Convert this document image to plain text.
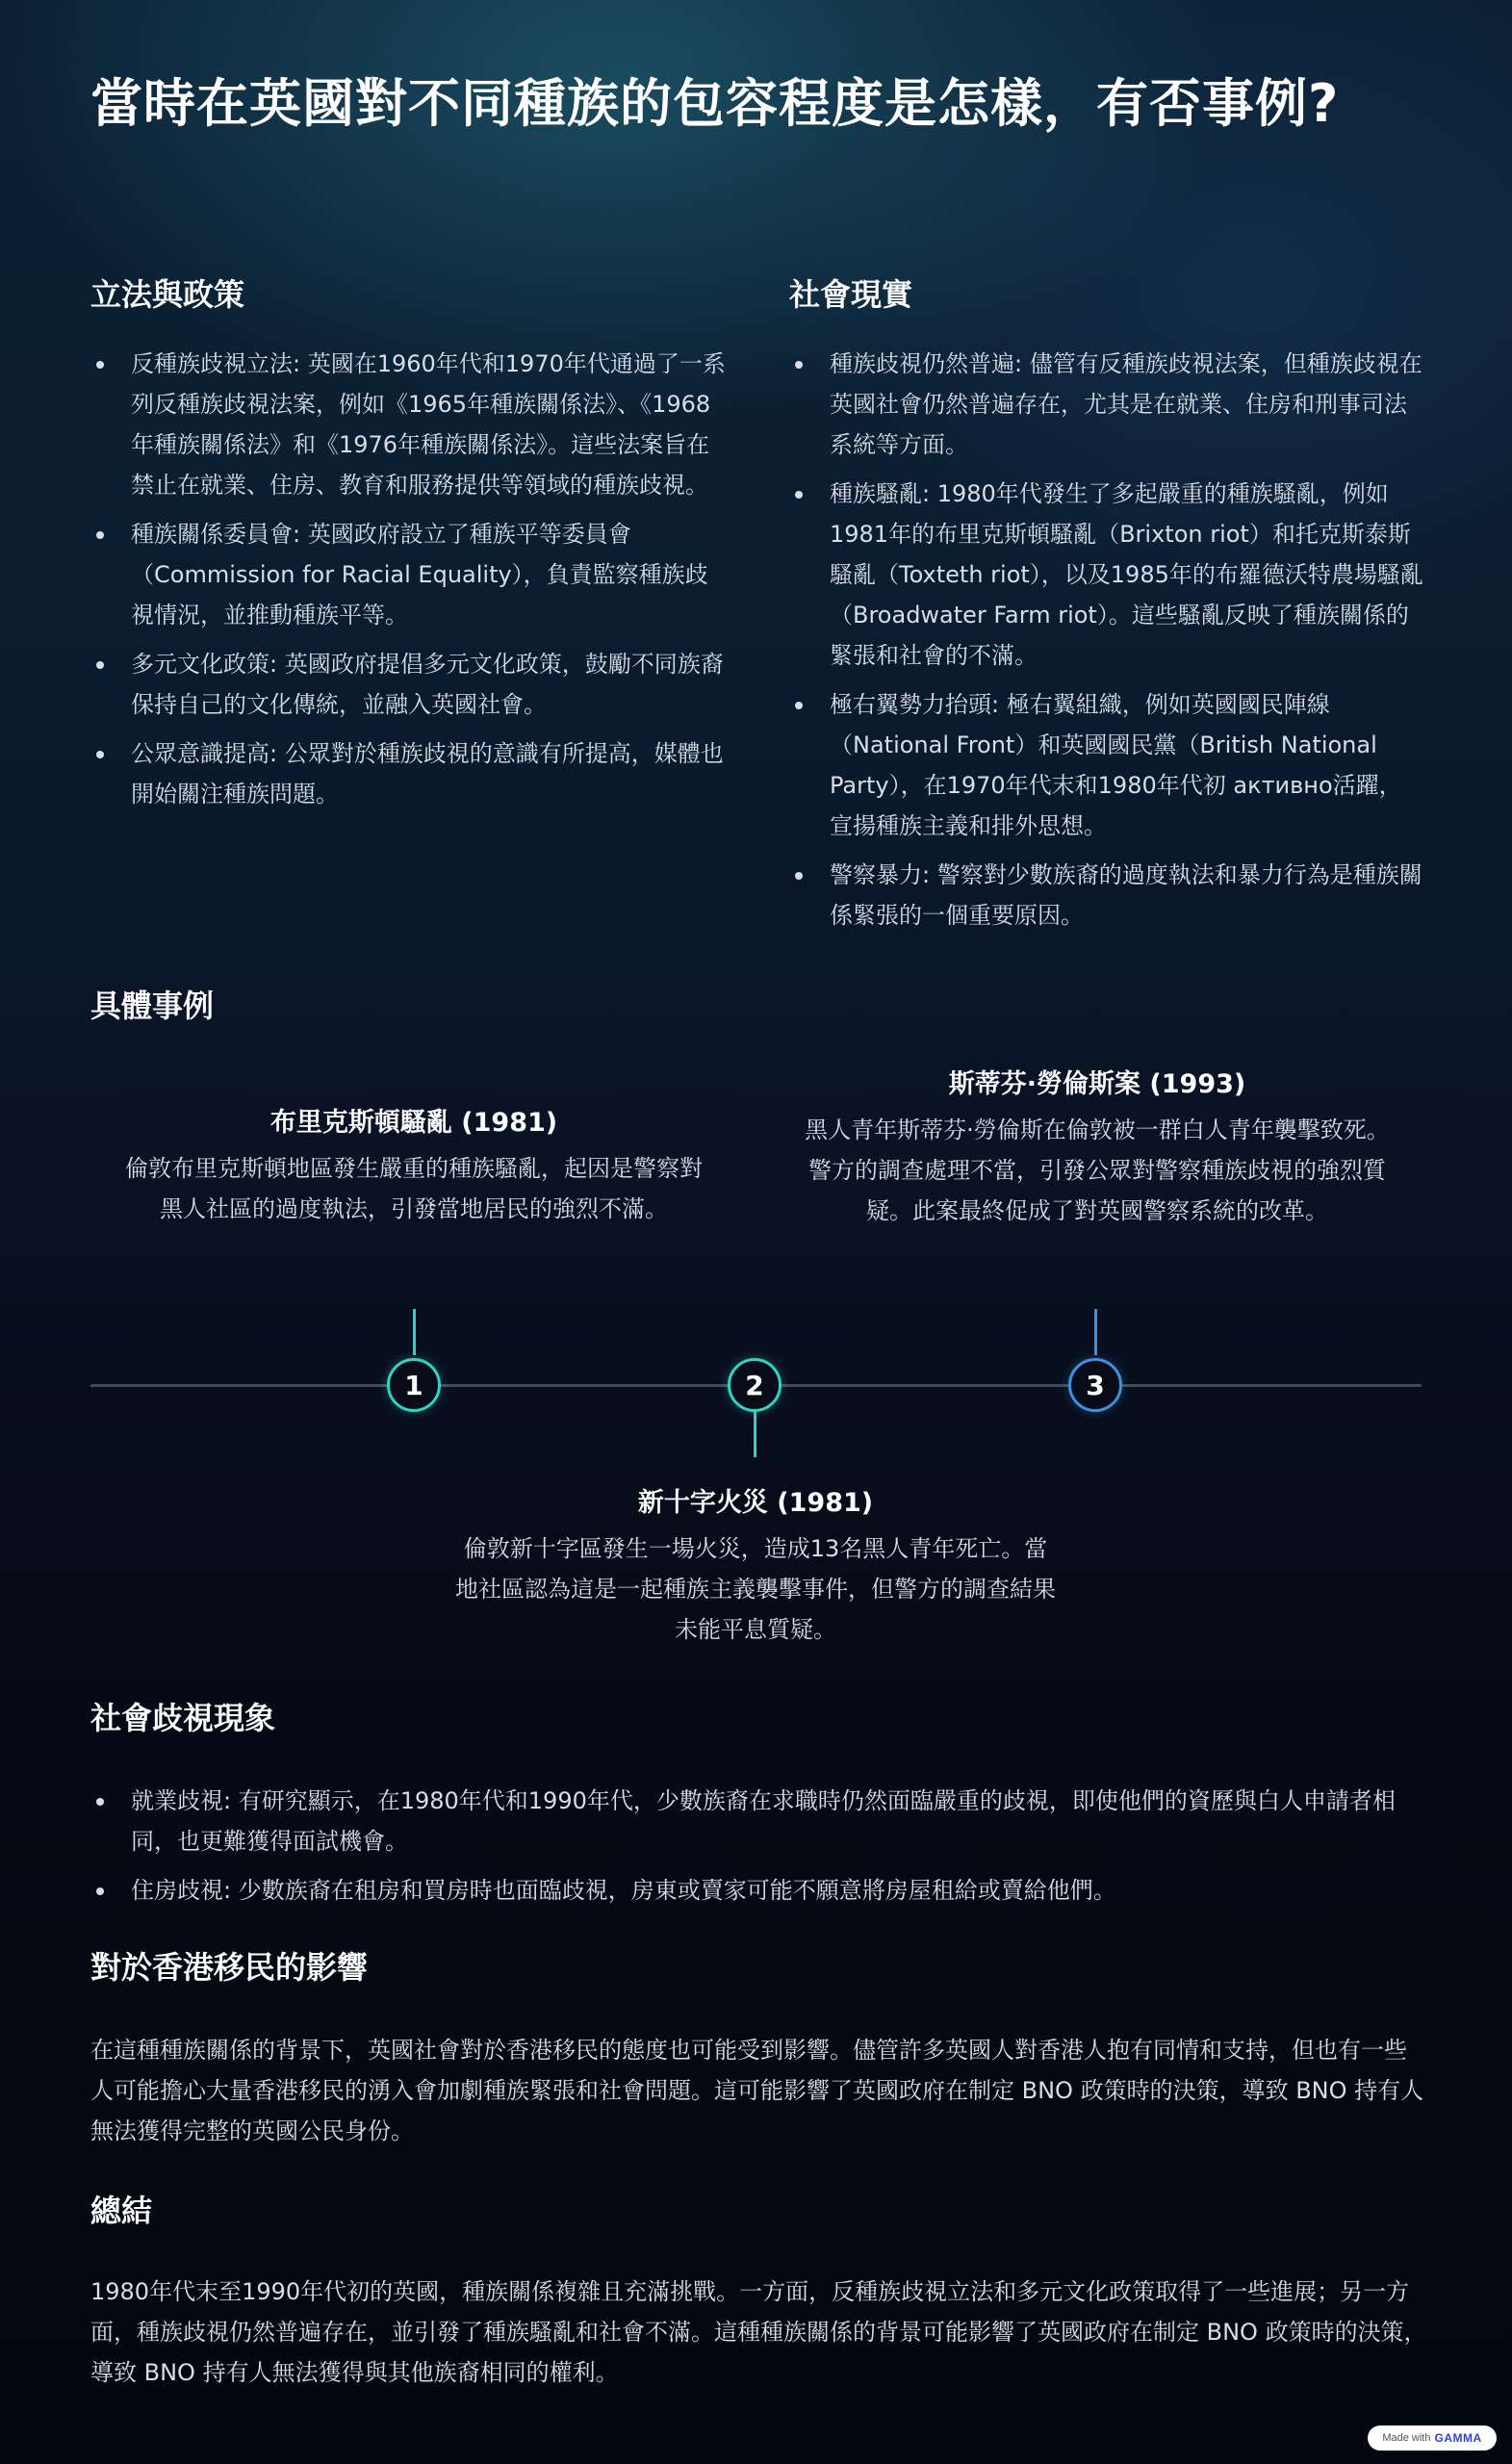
當時在英國對不同種族的包容程度是怎樣，有否事例?
立法與政策
反種族歧視立法: 英國在1960年代和1970年代通過了一系列反種族歧視法案，例如《1965年種族關係法》、《1968年種族關係法》和《1976年種族關係法》。這些法案旨在禁止在就業、住房、教育和服務提供等領域的種族歧視。
種族關係委員會: 英國政府設立了種族平等委員會（Commission for Racial Equality），負責監察種族歧視情況，並推動種族平等。
多元文化政策: 英國政府提倡多元文化政策，鼓勵不同族裔保持自己的文化傳統，並融入英國社會。
公眾意識提高: 公眾對於種族歧視的意識有所提高，媒體也開始關注種族問題。
社會現實
種族歧視仍然普遍: 儘管有反種族歧視法案，但種族歧視在英國社會仍然普遍存在，尤其是在就業、住房和刑事司法系統等方面。
種族騷亂: 1980年代發生了多起嚴重的種族騷亂，例如1981年的布里克斯頓騷亂（Brixton riot）和托克斯泰斯騷亂（Toxteth riot），以及1985年的布羅德沃特農場騷亂（Broadwater Farm riot）。這些騷亂反映了種族關係的緊張和社會的不滿。
極右翼勢力抬頭: 極右翼組織，例如英國國民陣線（National Front）和英國國民黨（British National Party），在1970年代末和1980年代初 активно活躍，宣揚種族主義和排外思想。
警察暴力: 警察對少數族裔的過度執法和暴力行為是種族關係緊張的一個重要原因。
具體事例
布里克斯頓騷亂 (1981)
倫敦布里克斯頓地區發生嚴重的種族騷亂，起因是警察對黑人社區的過度執法，引發當地居民的強烈不滿。
斯蒂芬·勞倫斯案 (1993)
黑人青年斯蒂芬·勞倫斯在倫敦被一群白人青年襲擊致死。警方的調查處理不當，引發公眾對警察種族歧視的強烈質疑。此案最終促成了對英國警察系統的改革。
1	2	3
新十字火災 (1981)
倫敦新十字區發生一場火災，造成13名黑人青年死亡。當地社區認為這是一起種族主義襲擊事件，但警方的調查結果未能平息質疑。
社會歧視現象
就業歧視: 有研究顯示，在1980年代和1990年代，少數族裔在求職時仍然面臨嚴重的歧視，即使他們的資歷與白人申請者相同，也更難獲得面試機會。
住房歧視: 少數族裔在租房和買房時也面臨歧視，房東或賣家可能不願意將房屋租給或賣給他們。
對於香港移民的影響

在這種種族關係的背景下，英國社會對於香港移民的態度也可能受到影響。儘管許多英國人對香港人抱有同情和支持，但也有一些人可能擔心大量香港移民的湧入會加劇種族緊張和社會問題。這可能影響了英國政府在制定 BNO 政策時的決策，導致 BNO 持有人無法獲得完整的英國公民身份。

總結

1980年代末至1990年代初的英國，種族關係複雜且充滿挑戰。一方面，反種族歧視立法和多元文化政策取得了一些進展；另一方面，種族歧視仍然普遍存在，並引發了種族騷亂和社會不滿。這種種族關係的背景可能影響了英國政府在制定 BNO 政策時的決策，導致 BNO 持有人無法獲得與其他族裔相同的權利。

Made with GAMMA
